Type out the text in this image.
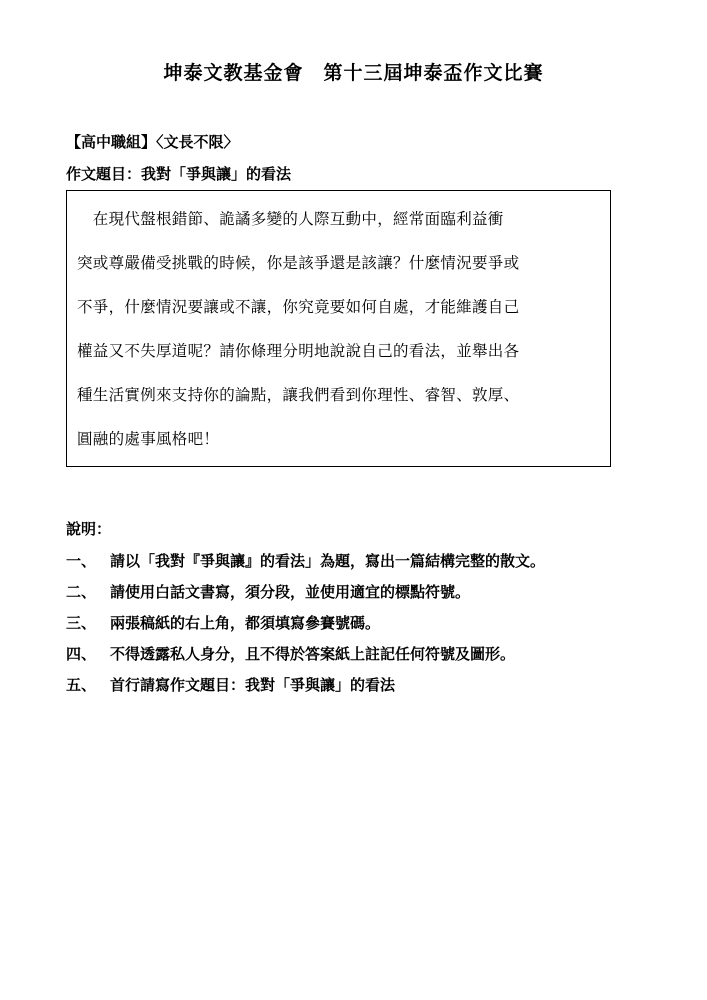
坤泰文教基金會　第十三屆坤泰盃作文比賽
【高中職組】〈文長不限〉
作文題目：我對「爭與讓」的看法
　在現代盤根錯節、詭譎多變的人際互動中，經常面臨利益衝
突或尊嚴備受挑戰的時候，你是該爭還是該讓？什麼情況要爭或
不爭，什麼情況要讓或不讓，你究竟要如何自處，才能維護自己
權益又不失厚道呢？請你條理分明地說說自己的看法，並舉出各
種生活實例來支持你的論點，讓我們看到你理性、睿智、敦厚、
圓融的處事風格吧！
說明：
一、 請以「我對『爭與讓』的看法」為題，寫出一篇結構完整的散文。
二、 請使用白話文書寫，須分段，並使用適宜的標點符號。
三、 兩張稿紙的右上角，都須填寫參賽號碼。
四、 不得透露私人身分，且不得於答案紙上註記任何符號及圖形。
五、 首行請寫作文題目：我對「爭與讓」的看法
